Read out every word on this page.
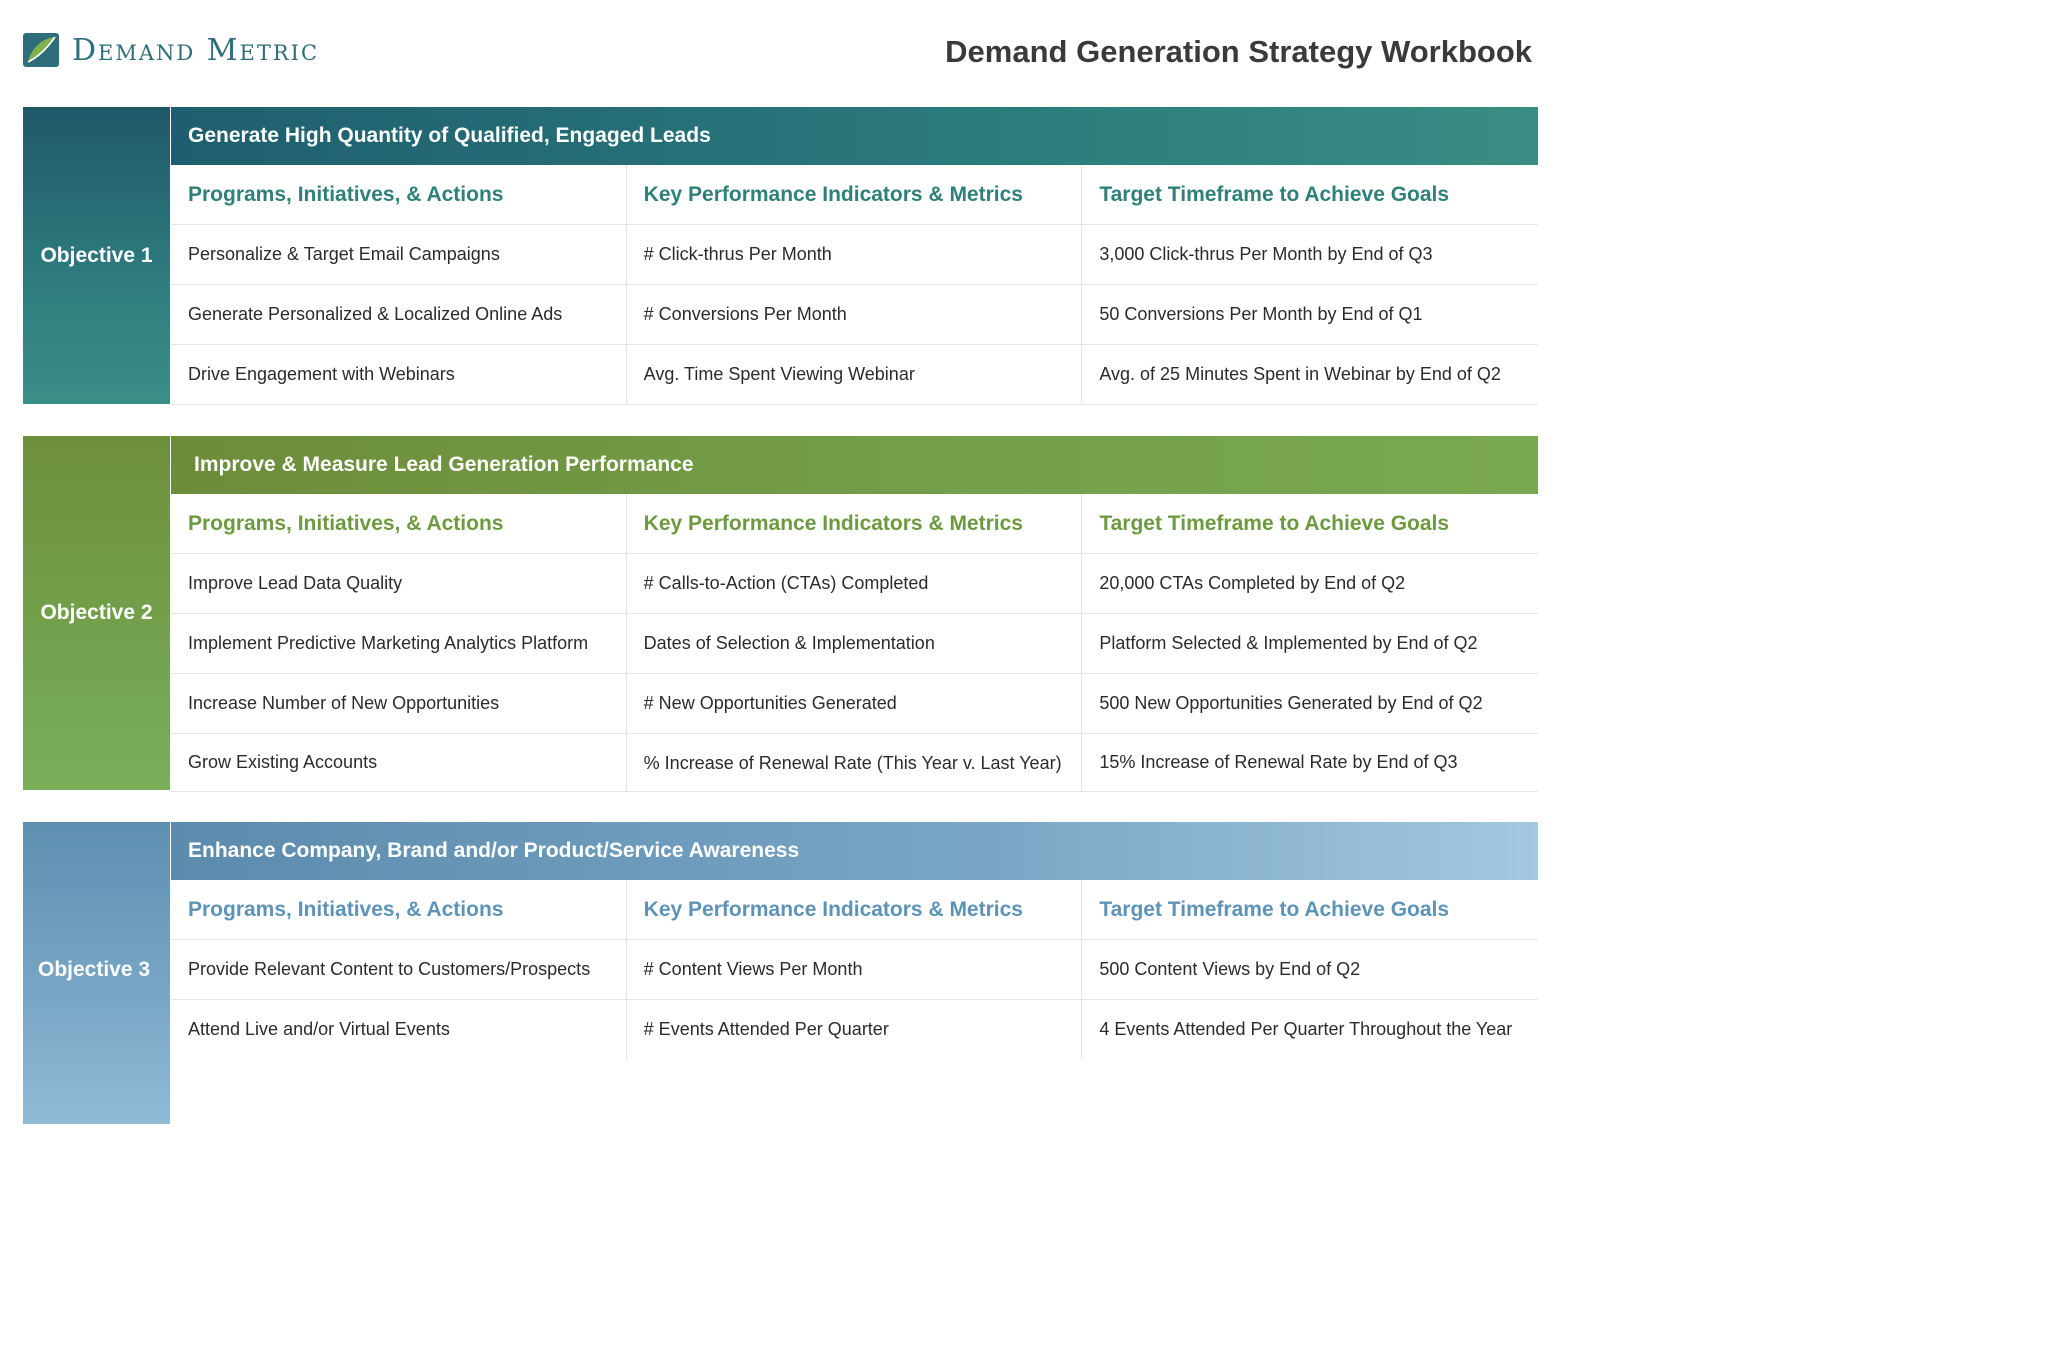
Demand Metric	Demand Generation Strategy Workbook
Objective 1
Generate High Quantity of Qualified, Engaged Leads
Programs, Initiatives, & Actions	Key Performance Indicators & Metrics	Target Timeframe to Achieve Goals
Personalize & Target Email Campaigns	# Click-thrus Per Month	3,000 Click-thrus Per Month by End of Q3
Generate Personalized & Localized Online Ads	# Conversions Per Month	50 Conversions Per Month by End of Q1
Drive Engagement with Webinars	Avg. Time Spent Viewing Webinar	Avg. of 25 Minutes Spent in Webinar by End of Q2
Objective 2
Improve & Measure Lead Generation Performance
Programs, Initiatives, & Actions	Key Performance Indicators & Metrics	Target Timeframe to Achieve Goals
Improve Lead Data Quality	# Calls-to-Action (CTAs) Completed	20,000 CTAs Completed by End of Q2
Implement Predictive Marketing Analytics Platform	Dates of Selection & Implementation	Platform Selected & Implemented by End of Q2
Increase Number of New Opportunities	# New Opportunities Generated	500 New Opportunities Generated by End of Q2
Grow Existing Accounts	% Increase of Renewal Rate (This Year v. Last Year)	15% Increase of Renewal Rate by End of Q3
Objective 3
Enhance Company, Brand and/or Product/Service Awareness
Programs, Initiatives, & Actions	Key Performance Indicators & Metrics	Target Timeframe to Achieve Goals
Provide Relevant Content to Customers/Prospects	# Content Views Per Month	500 Content Views by End of Q2
Attend Live and/or Virtual Events	# Events Attended Per Quarter	4 Events Attended Per Quarter Throughout the Year
